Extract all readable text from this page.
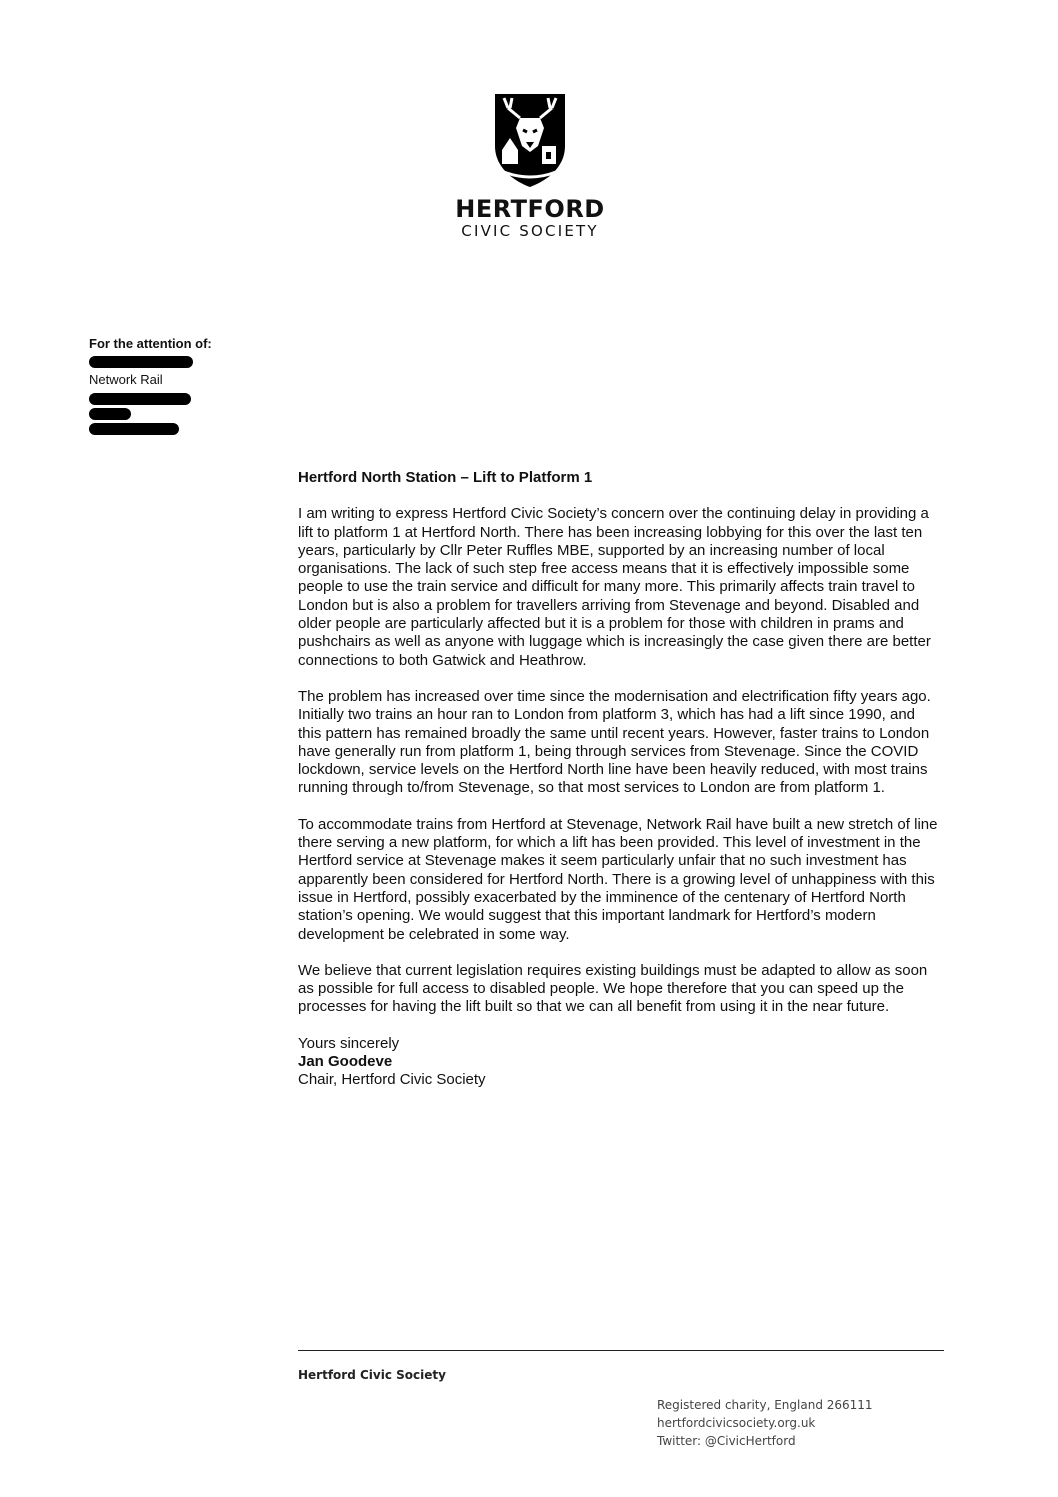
HERTFORD
CIVIC SOCIETY
For the attention of:
Network Rail

Hertford North Station – Lift to Platform 1

I am writing to express Hertford Civic Society’s concern over the continuing delay in providing a lift to platform 1 at Hertford North. There has been increasing lobbying for this over the last ten years, particularly by Cllr Peter Ruffles MBE, supported by an increasing number of local organisations. The lack of such step free access means that it is effectively impossible some people to use the train service and difficult for many more. This primarily affects train travel to London but is also a problem for travellers arriving from Stevenage and beyond. Disabled and older people are particularly affected but it is a problem for those with children in prams and pushchairs as well as anyone with luggage which is increasingly the case given there are better connections to both Gatwick and Heathrow.

The problem has increased over time since the modernisation and electrification fifty years ago. Initially two trains an hour ran to London from platform 3, which has had a lift since 1990, and this pattern has remained broadly the same until recent years. However, faster trains to London have generally run from platform 1, being through services from Stevenage. Since the COVID lockdown, service levels on the Hertford North line have been heavily reduced, with most trains running through to/from Stevenage, so that most services to London are from platform 1.

To accommodate trains from Hertford at Stevenage, Network Rail have built a new stretch of line there serving a new platform, for which a lift has been provided. This level of investment in the Hertford service at Stevenage makes it seem particularly unfair that no such investment has apparently been considered for Hertford North. There is a growing level of unhappiness with this issue in Hertford, possibly exacerbated by the imminence of the centenary of Hertford North station’s opening. We would suggest that this important landmark for Hertford’s modern development be celebrated in some way.

We believe that current legislation requires existing buildings must be adapted to allow as soon as possible for full access to disabled people. We hope therefore that you can speed up the processes for having the lift built so that we can all benefit from using it in the near future.

Yours sincerely

Jan Goodeve

Chair, Hertford Civic Society

Hertford Civic Society
Registered charity, England 266111
hertfordcivicsociety.org.uk
Twitter: @CivicHertford
